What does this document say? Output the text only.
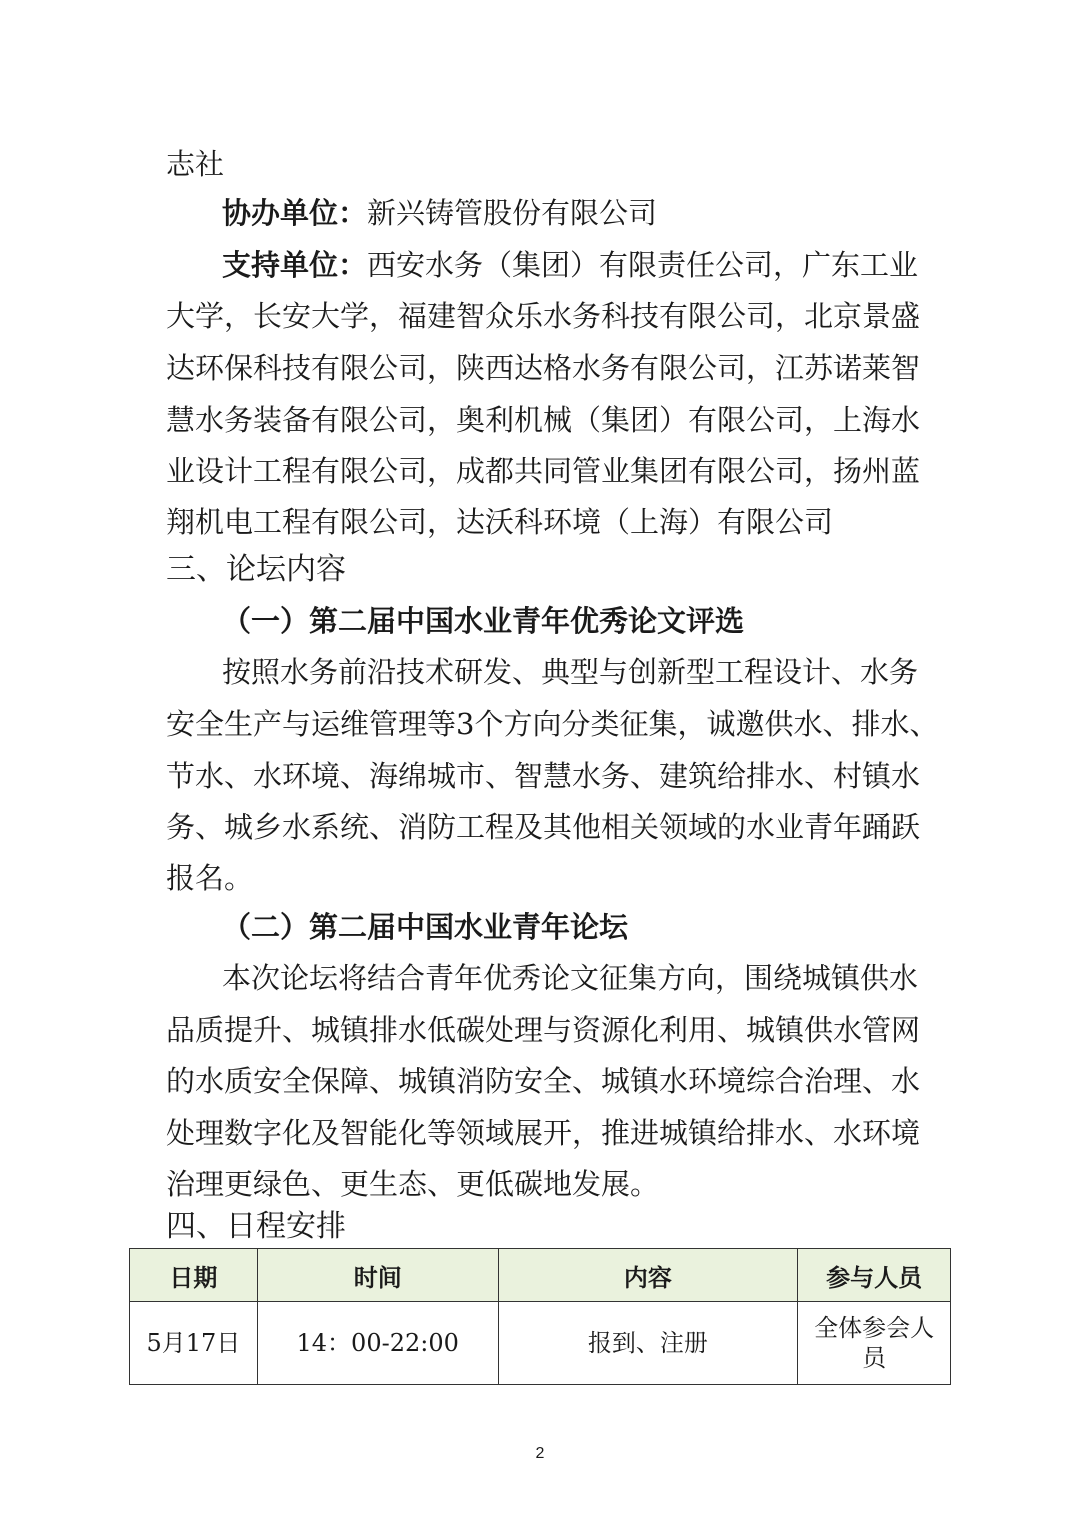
志社
协办单位：新兴铸管股份有限公司
支持单位：西安水务（集团）有限责任公司，广东工业
大学，长安大学，福建智众乐水务科技有限公司，北京景盛
达环保科技有限公司，陕西达格水务有限公司，江苏诺莱智
慧水务装备有限公司，奥利机械（集团）有限公司，上海水
业设计工程有限公司，成都共同管业集团有限公司，扬州蓝
翔机电工程有限公司，达沃科环境（上海）有限公司
三、论坛内容
（一）第二届中国水业青年优秀论文评选
按照水务前沿技术研发、典型与创新型工程设计、水务
安全生产与运维管理等3个方向分类征集，诚邀供水、排水、
节水、水环境、海绵城市、智慧水务、建筑给排水、村镇水
务、城乡水系统、消防工程及其他相关领域的水业青年踊跃
报名。
（二）第二届中国水业青年论坛
本次论坛将结合青年优秀论文征集方向，围绕城镇供水
品质提升、城镇排水低碳处理与资源化利用、城镇供水管网
的水质安全保障、城镇消防安全、城镇水环境综合治理、水
处理数字化及智能化等领域展开，推进城镇给排水、水环境
治理更绿色、更生态、更低碳地发展。
四、日程安排
日期	时间	内容	参与人员
5月17日	14：00-22:00	报到、注册	全体参会人员
2
